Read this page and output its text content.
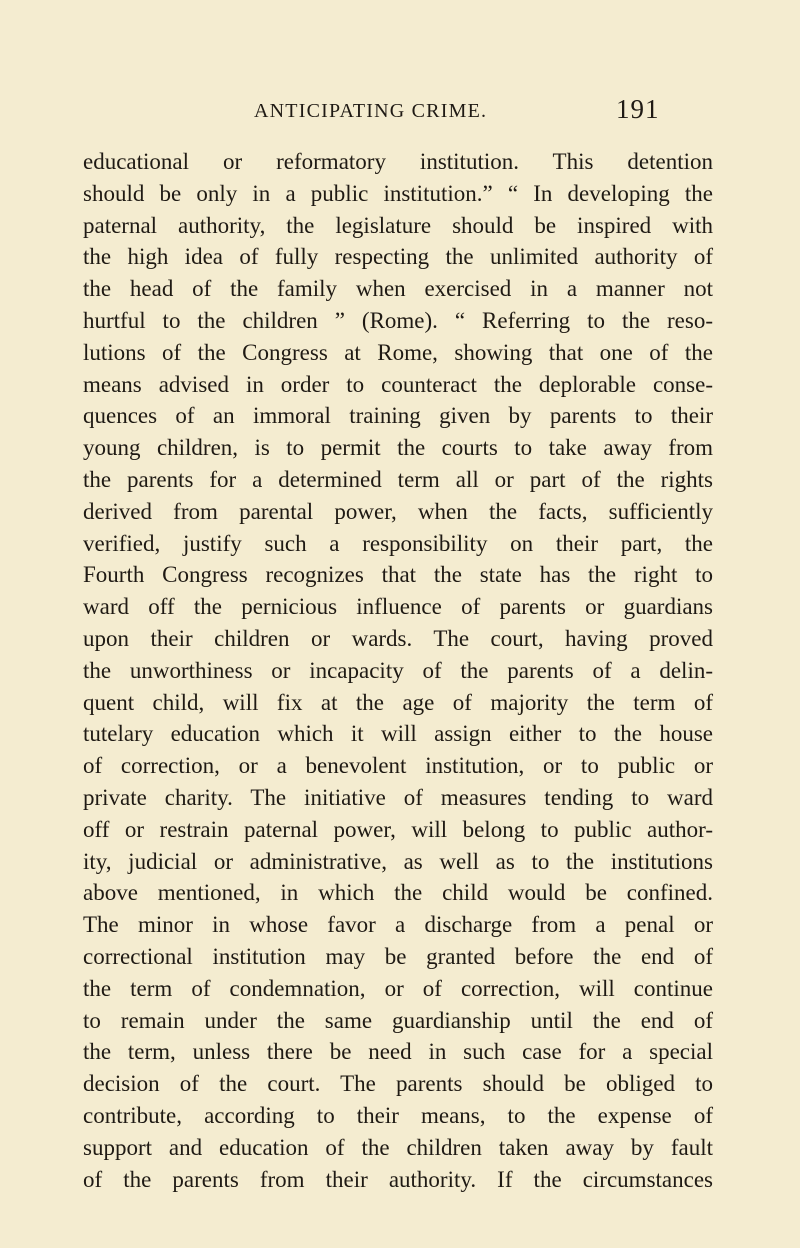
ANTICIPATING CRIME.	191
educational or reformatory institution. This detention
should be only in a public institution.” “ In developing the
paternal authority, the legislature should be inspired with
the high idea of fully respecting the unlimited authority of
the head of the family when exercised in a manner not
hurtful to the children ” (Rome). “ Referring to the reso-
lutions of the Congress at Rome, showing that one of the
means advised in order to counteract the deplorable conse-
quences of an immoral training given by parents to their
young children, is to permit the courts to take away from
the parents for a determined term all or part of the rights
derived from parental power, when the facts, sufficiently
verified, justify such a responsibility on their part, the
Fourth Congress recognizes that the state has the right to
ward off the pernicious influence of parents or guardians
upon their children or wards. The court, having proved
the unworthiness or incapacity of the parents of a delin-
quent child, will fix at the age of majority the term of
tutelary education which it will assign either to the house
of correction, or a benevolent institution, or to public or
private charity. The initiative of measures tending to ward
off or restrain paternal power, will belong to public author-
ity, judicial or administrative, as well as to the institutions
above mentioned, in which the child would be confined.
The minor in whose favor a discharge from a penal or
correctional institution may be granted before the end of
the term of condemnation, or of correction, will continue
to remain under the same guardianship until the end of
the term, unless there be need in such case for a special
decision of the court. The parents should be obliged to
contribute, according to their means, to the expense of
support and education of the children taken away by fault
of the parents from their authority. If the circumstances
